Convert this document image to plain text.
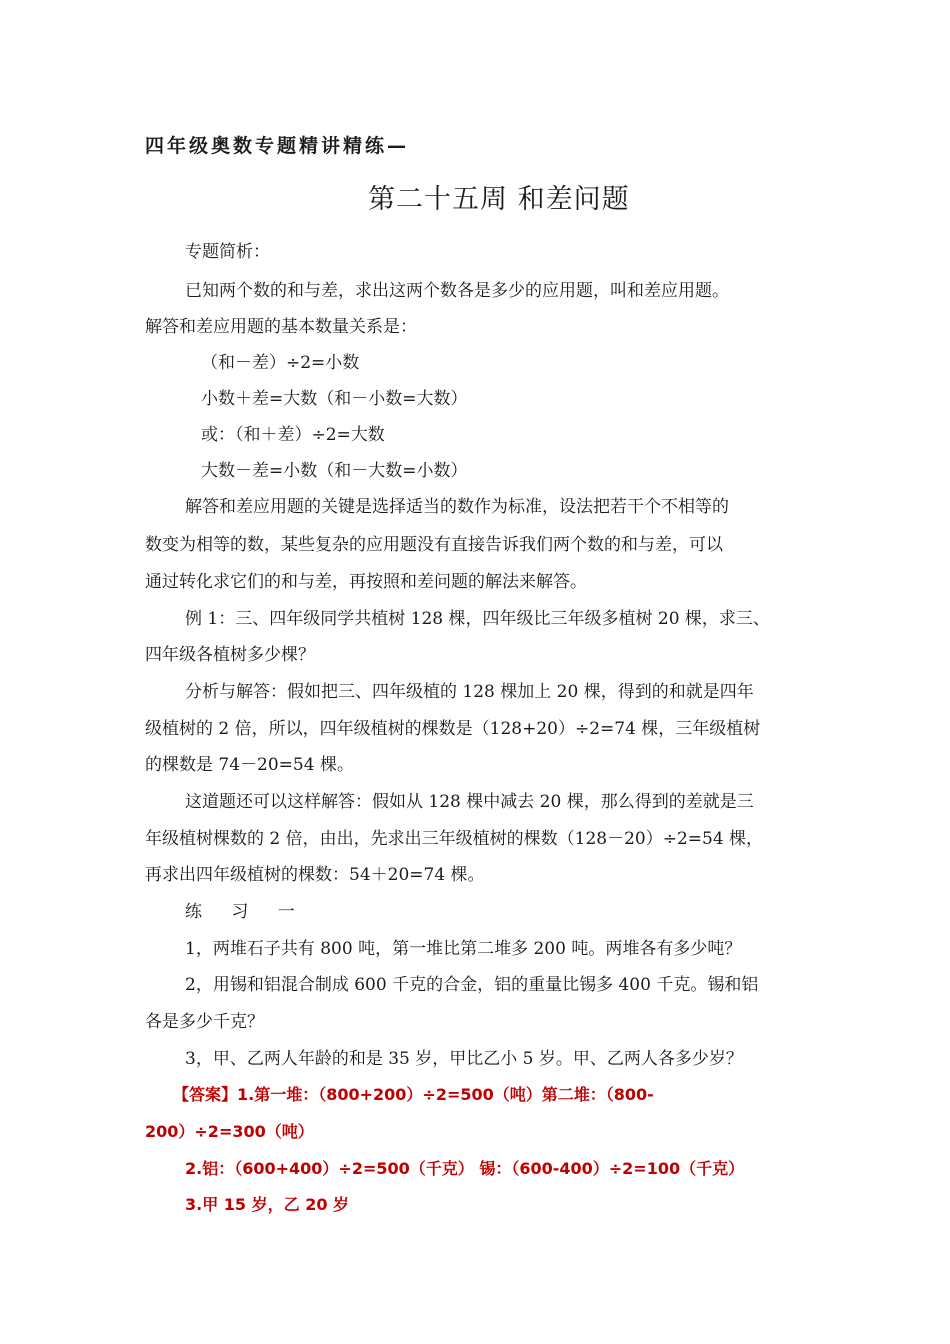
四年级奥数专题精讲精练—
第二十五周 和差问题
专题简析：
已知两个数的和与差，求出这两个数各是多少的应用题，叫和差应用题。
解答和差应用题的基本数量关系是：
（和－差）÷2=小数
小数＋差=大数（和－小数=大数）
或：（和＋差）÷2=大数
大数－差=小数（和－大数=小数）
解答和差应用题的关键是选择适当的数作为标准，设法把若干个不相等的
数变为相等的数，某些复杂的应用题没有直接告诉我们两个数的和与差，可以
通过转化求它们的和与差，再按照和差问题的解法来解答。
例 1：三、四年级同学共植树 128 棵，四年级比三年级多植树 20 棵，求三、
四年级各植树多少棵？
分析与解答：假如把三、四年级植的 128 棵加上 20 棵，得到的和就是四年
级植树的 2 倍，所以，四年级植树的棵数是（128+20）÷2=74 棵，三年级植树
的棵数是 74－20=54 棵。
这道题还可以这样解答：假如从 128 棵中减去 20 棵，那么得到的差就是三
年级植树棵数的 2 倍，由出，先求出三年级植树的棵数（128－20）÷2=54 棵，
再求出四年级植树的棵数：54＋20=74 棵。
练 习 一
1，两堆石子共有 800 吨，第一堆比第二堆多 200 吨。两堆各有多少吨？
2，用锡和铝混合制成 600 千克的合金，铝的重量比锡多 400 千克。锡和铝
各是多少千克？
3，甲、乙两人年龄的和是 35 岁，甲比乙小 5 岁。甲、乙两人各多少岁？
【答案】1.第一堆：（800+200）÷2=500（吨）第二堆：（800-
200）÷2=300（吨）
2.铝：（600+400）÷2=500（千克） 锡：（600-400）÷2=100（千克）
3.甲 15 岁，乙 20 岁
